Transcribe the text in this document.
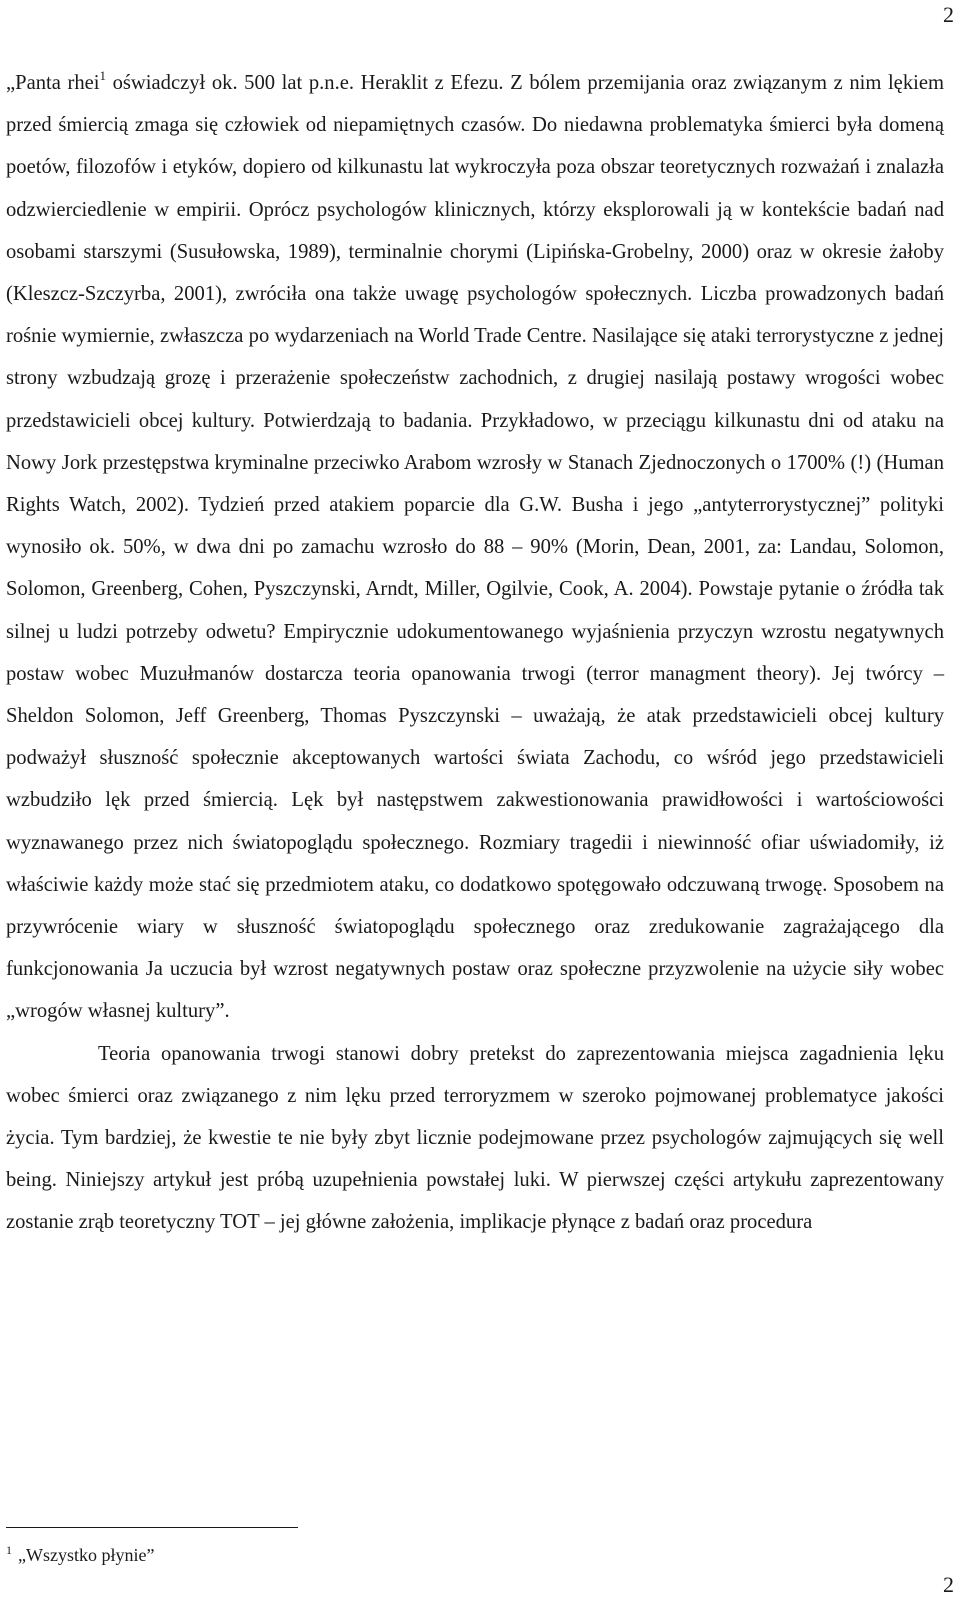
2

„Panta rhei$^1$ oświadczył ok. 500 lat p.n.e. Heraklit z Efezu. Z bólem przemijania oraz związanym z nim lękiem przed śmiercią zmaga się człowiek od niepamiętnych czasów. Do niedawna problematyka śmierci była domeną poetów, filozofów i etyków, dopiero od kilkunastu lat wykroczyła poza obszar teoretycznych rozważań i znalazła odzwierciedlenie w empirii. Oprócz psychologów klinicznych, którzy eksplorowali ją w kontekście badań nad osobami starszymi (Susułowska, 1989), terminalnie chorymi (Lipińska-Grobelny, 2000) oraz w okresie żałoby (Kleszcz-Szczyrba, 2001), zwróciła ona także uwagę psychologów społecznych. Liczba prowadzonych badań rośnie wymiernie, zwłaszcza po wydarzeniach na World Trade Centre. Nasilające się ataki terrorystyczne z jednej strony wzbudzają grozę i przerażenie społeczeństw zachodnich, z drugiej nasilają postawy wrogości wobec przedstawicieli obcej kultury. Potwierdzają to badania. Przykładowo, w przeciągu kilkunastu dni od ataku na Nowy Jork przestępstwa kryminalne przeciwko Arabom wzrosły w Stanach Zjednoczonych o 1700% (!) (Human Rights Watch, 2002). Tydzień przed atakiem poparcie dla G.W. Busha i jego „antyterrorystycznej” polityki wynosiło ok. 50%, w dwa dni po zamachu wzrosło do 88 – 90% (Morin, Dean, 2001, za: Landau, Solomon, Solomon, Greenberg, Cohen, Pyszczynski, Arndt, Miller, Ogilvie, Cook, A. 2004). Powstaje pytanie o źródła tak silnej u ludzi potrzeby odwetu? Empirycznie udokumentowanego wyjaśnienia przyczyn wzrostu negatywnych postaw wobec Muzułmanów dostarcza teoria opanowania trwogi (terror managment theory). Jej twórcy – Sheldon Solomon, Jeff Greenberg, Thomas Pyszczynski – uważają, że atak przedstawicieli obcej kultury podważył słuszność społecznie akceptowanych wartości świata Zachodu, co wśród jego przedstawicieli wzbudziło lęk przed śmiercią. Lęk był następstwem zakwestionowania prawidłowości i wartościowości wyznawanego przez nich światopoglądu społecznego. Rozmiary tragedii i niewinność ofiar uświadomiły, iż właściwie każdy może stać się przedmiotem ataku, co dodatkowo spotęgowało odczuwaną trwogę. Sposobem na przywrócenie wiary w słuszność światopoglądu społecznego oraz zredukowanie zagrażającego dla funkcjonowania Ja uczucia był wzrost negatywnych postaw oraz społeczne przyzwolenie na użycie siły wobec „wrogów własnej kultury”.

Teoria opanowania trwogi stanowi dobry pretekst do zaprezentowania miejsca zagadnienia lęku wobec śmierci oraz związanego z nim lęku przed terroryzmem w szeroko pojmowanej problematyce jakości życia. Tym bardziej, że kwestie te nie były zbyt licznie podejmowane przez psychologów zajmujących się well being. Niniejszy artykuł jest próbą uzupełnienia powstałej luki. W pierwszej części artykułu zaprezentowany zostanie zrąb teoretyczny TOT – jej główne założenia, implikacje płynące z badań oraz procedura

$^1$ „Wszystko płynie”
2
